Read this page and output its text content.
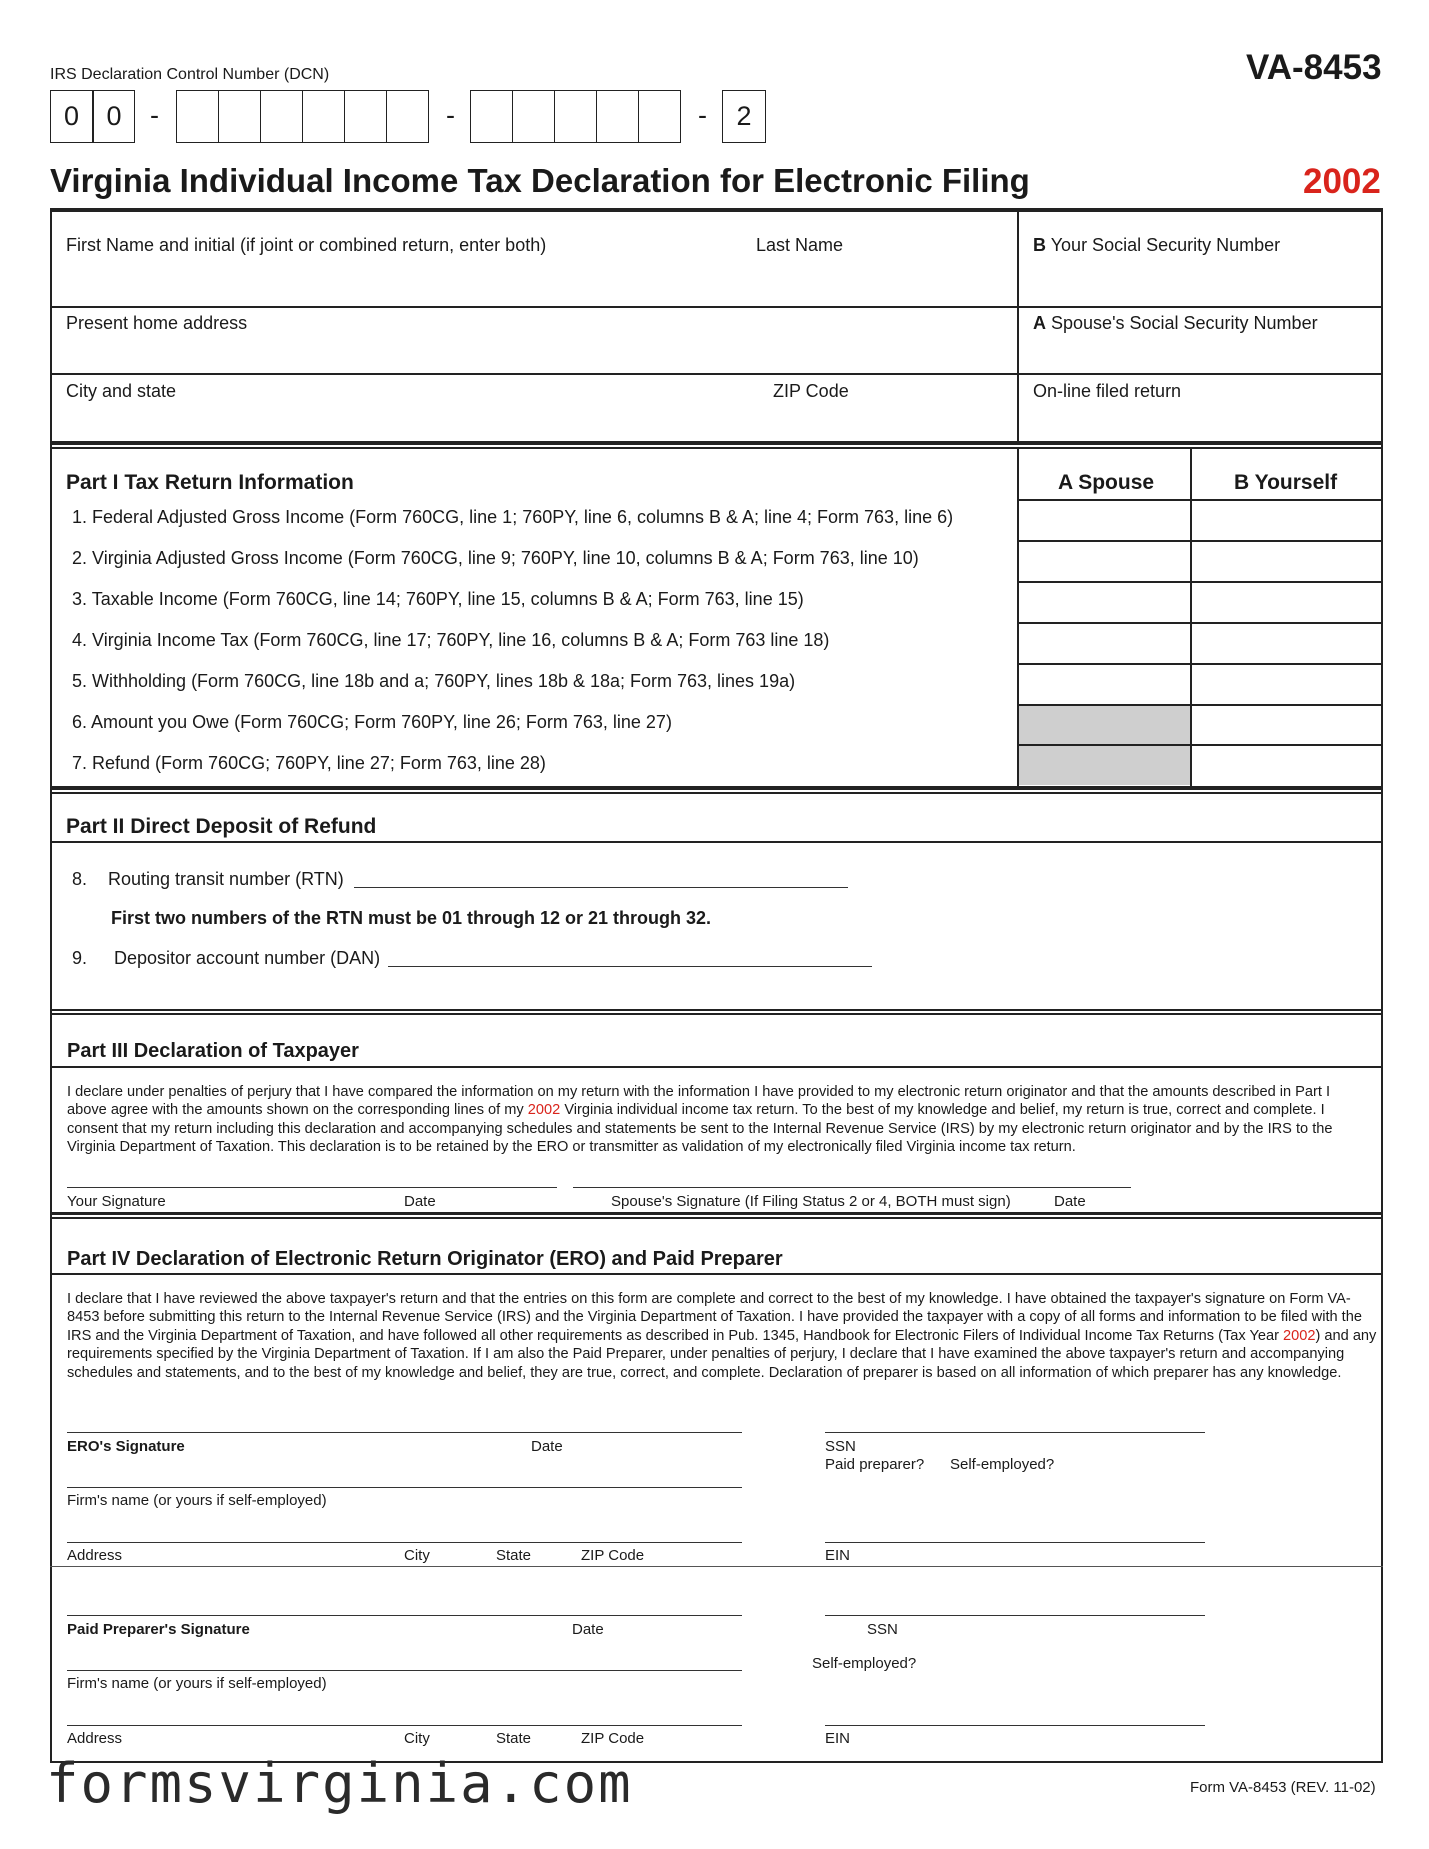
IRS Declaration Control Number (DCN)	VA-8453
0	0	-	-	-	2
Virginia Individual Income Tax Declaration for Electronic Filing	2002
First Name and initial (if joint or combined return, enter both)	Last Name	B Your Social Security Number
Present home address	A Spouse's Social Security Number
City and state	ZIP Code	On-line filed return
Part I Tax Return Information	A Spouse	B Yourself
1. Federal Adjusted Gross Income (Form 760CG, line 1; 760PY, line 6, columns B & A; line 4; Form 763, line 6)
2. Virginia Adjusted Gross Income (Form 760CG, line 9; 760PY, line 10, columns B & A; Form 763, line 10)
3. Taxable Income (Form 760CG, line 14; 760PY, line 15, columns B & A; Form 763, line 15)
4. Virginia Income Tax (Form 760CG, line 17; 760PY, line 16, columns B & A; Form 763 line 18)
5. Withholding (Form 760CG, line 18b and a; 760PY, lines 18b & 18a; Form 763, lines 19a)
6. Amount you Owe (Form 760CG; Form 760PY, line 26; Form 763, line 27)
7. Refund (Form 760CG; 760PY, line 27; Form 763, line 28)
Part II Direct Deposit of Refund
8. Routing transit number (RTN)
First two numbers of the RTN must be 01 through 12 or 21 through 32.
9. Depositor account number (DAN)
Part III Declaration of Taxpayer
I declare under penalties of perjury that I have compared the information on my return with the information I have provided to my electronic return originator and that the amounts described in Part I above agree with the amounts shown on the corresponding lines of my 2002 Virginia individual income tax return. To the best of my knowledge and belief, my return is true, correct and complete. I consent that my return including this declaration and accompanying schedules and statements be sent to the Internal Revenue Service (IRS) by my electronic return originator and by the IRS to the Virginia Department of Taxation. This declaration is to be retained by the ERO or transmitter as validation of my electronically filed Virginia income tax return.
Your Signature	Date	Spouse's Signature (If Filing Status 2 or 4, BOTH must sign)	Date
Part IV Declaration of Electronic Return Originator (ERO) and Paid Preparer
I declare that I have reviewed the above taxpayer's return and that the entries on this form are complete and correct to the best of my knowledge. I have obtained the taxpayer's signature on Form VA-8453 before submitting this return to the Internal Revenue Service (IRS) and the Virginia Department of Taxation. I have provided the taxpayer with a copy of all forms and information to be filed with the IRS and the Virginia Department of Taxation, and have followed all other requirements as described in Pub. 1345, Handbook for Electronic Filers of Individual Income Tax Returns (Tax Year 2002) and any requirements specified by the Virginia Department of Taxation. If I am also the Paid Preparer, under penalties of perjury, I declare that I have examined the above taxpayer's return and accompanying schedules and statements, and to the best of my knowledge and belief, they are true, correct, and complete. Declaration of preparer is based on all information of which preparer has any knowledge.
ERO's Signature	Date	SSN
Paid preparer? Self-employed?
Firm's name (or yours if self-employed)
Address	City	State	ZIP Code	EIN
Paid Preparer's Signature	Date	SSN
Self-employed?
Firm's name (or yours if self-employed)
Address	City	State	ZIP Code	EIN
formsvirginia.com	Form VA-8453 (REV. 11-02)
